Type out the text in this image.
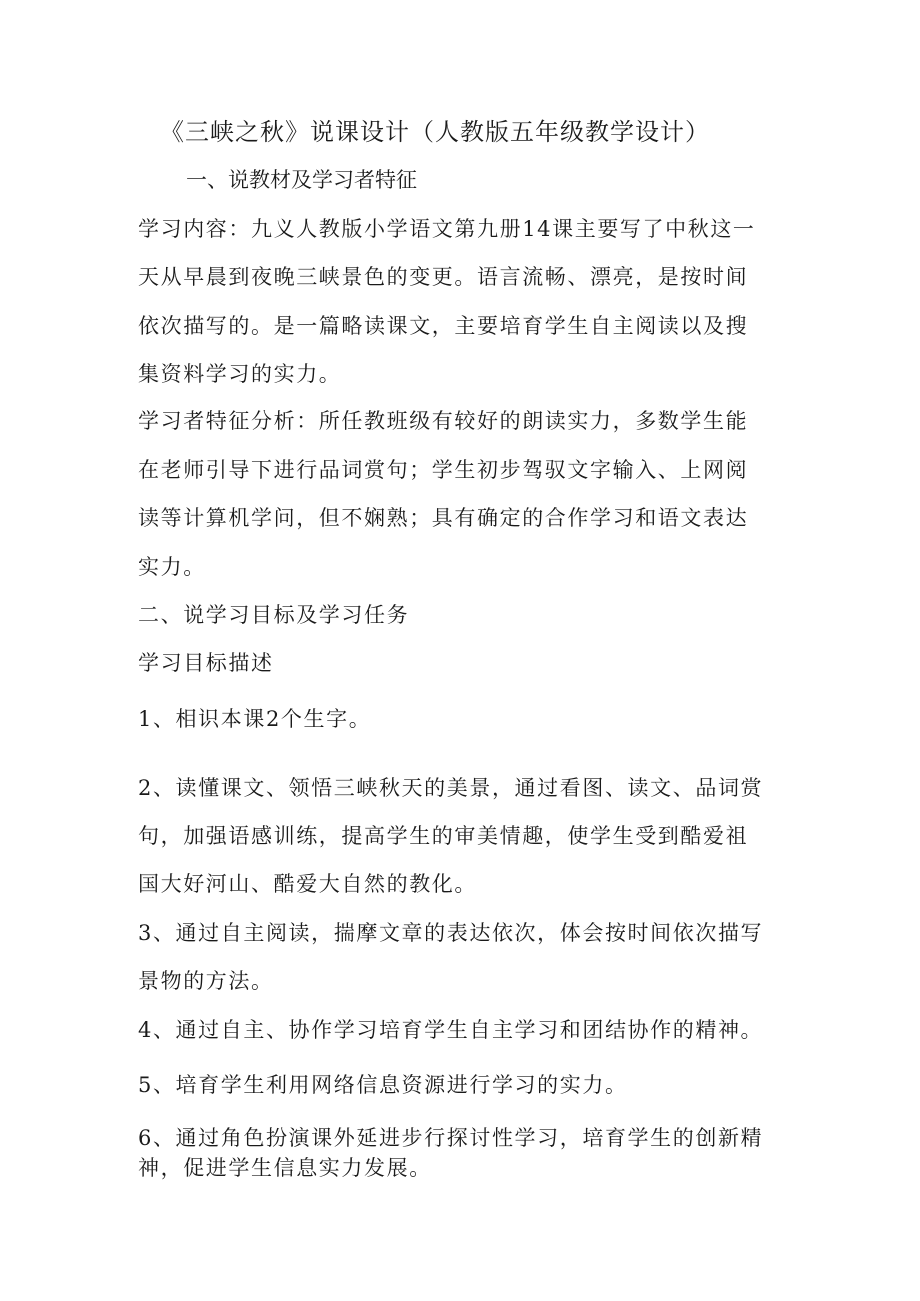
《三峡之秋》说课设计（人教版五年级教学设计）
一、说教材及学习者特征
学习内容：九义人教版小学语文第九册14课主要写了中秋这一
天从早晨到夜晚三峡景色的变更。语言流畅、漂亮，是按时间
依次描写的。是一篇略读课文，主要培育学生自主阅读以及搜
集资料学习的实力。
学习者特征分析：所任教班级有较好的朗读实力，多数学生能
在老师引导下进行品词赏句；学生初步驾驭文字输入、上网阅
读等计算机学问，但不娴熟；具有确定的合作学习和语文表达
实力。
二、说学习目标及学习任务
学习目标描述
1、相识本课2个生字。
2、读懂课文、领悟三峡秋天的美景，通过看图、读文、品词赏
句，加强语感训练，提高学生的审美情趣，使学生受到酷爱祖
国大好河山、酷爱大自然的教化。
3、通过自主阅读，揣摩文章的表达依次，体会按时间依次描写
景物的方法。
4、通过自主、协作学习培育学生自主学习和团结协作的精神。
5、培育学生利用网络信息资源进行学习的实力。
6、通过角色扮演课外延进步行探讨性学习，培育学生的创新精
神，促进学生信息实力发展。
